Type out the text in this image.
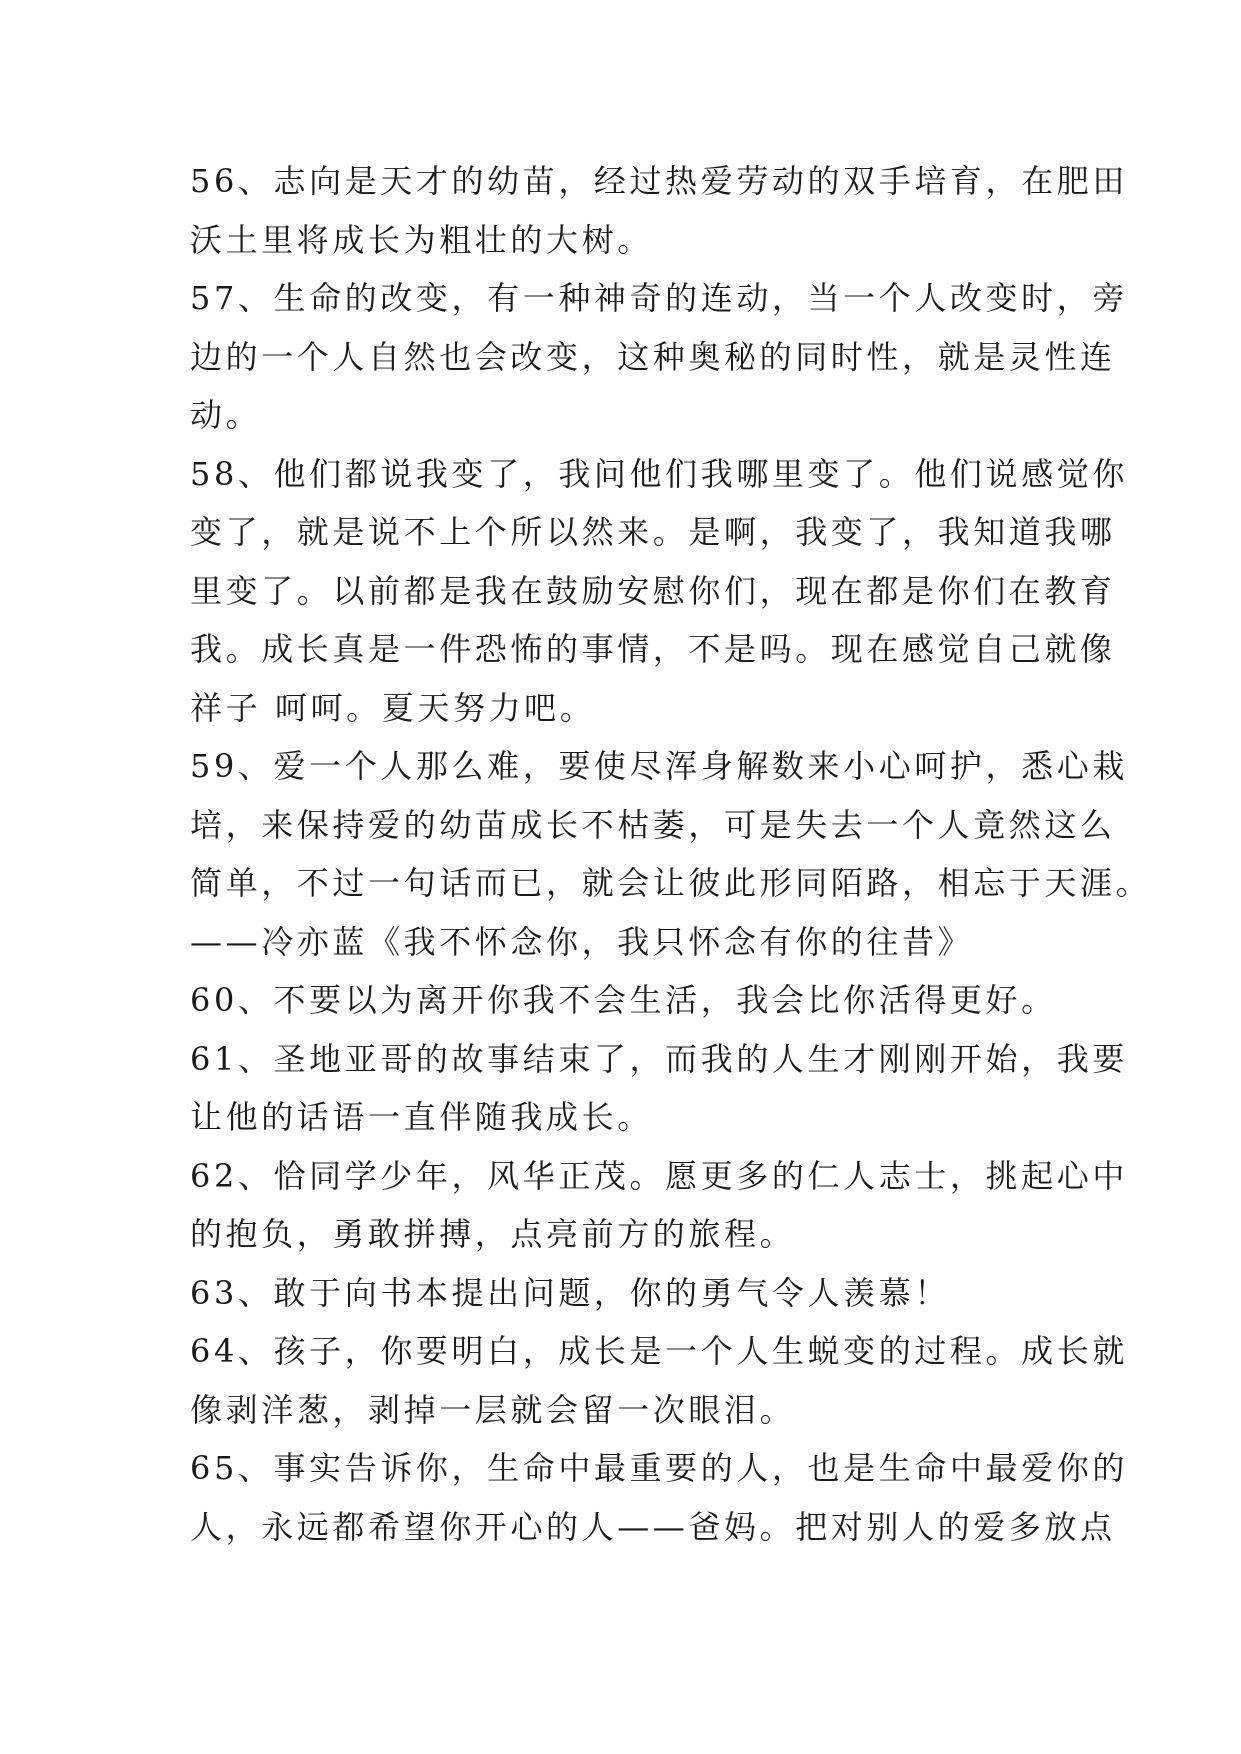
56、志向是天才的幼苗，经过热爱劳动的双手培育，在肥田
沃土里将成长为粗壮的大树。
57、生命的改变，有一种神奇的连动，当一个人改变时，旁
边的一个人自然也会改变，这种奥秘的同时性，就是灵性连
动。
58、他们都说我变了，我问他们我哪里变了。他们说感觉你
变了，就是说不上个所以然来。是啊，我变了，我知道我哪
里变了。以前都是我在鼓励安慰你们，现在都是你们在教育
我。成长真是一件恐怖的事情，不是吗。现在感觉自己就像
祥子 呵呵。夏天努力吧。
59、爱一个人那么难，要使尽浑身解数来小心呵护，悉心栽
培，来保持爱的幼苗成长不枯萎，可是失去一个人竟然这么
简单，不过一句话而已，就会让彼此形同陌路，相忘于天涯。
——冷亦蓝《我不怀念你，我只怀念有你的往昔》
60、不要以为离开你我不会生活，我会比你活得更好。
61、圣地亚哥的故事结束了，而我的人生才刚刚开始，我要
让他的话语一直伴随我成长。
62、恰同学少年，风华正茂。愿更多的仁人志士，挑起心中
的抱负，勇敢拼搏，点亮前方的旅程。
63、敢于向书本提出问题，你的勇气令人羡慕！
64、孩子，你要明白，成长是一个人生蜕变的过程。成长就
像剥洋葱，剥掉一层就会留一次眼泪。
65、事实告诉你，生命中最重要的人，也是生命中最爱你的
人，永远都希望你开心的人——爸妈。把对别人的爱多放点
